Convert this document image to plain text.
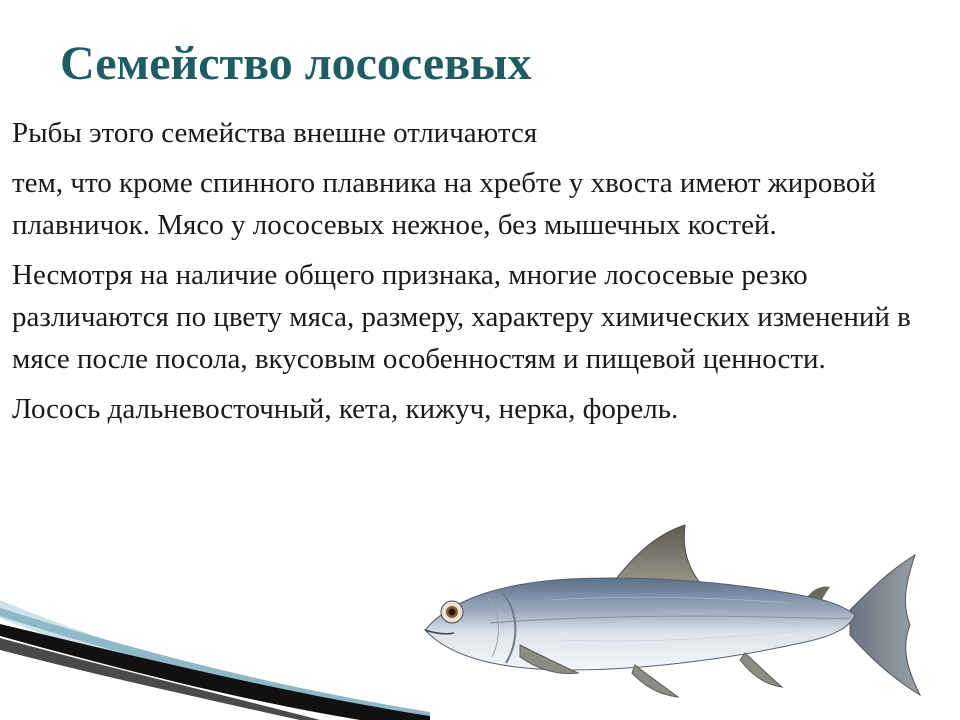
Семейство лососевых

Рыбы этого семейства внешне отличаются

тем, что кроме спинного плавника на хребте у хвоста имеют жировой плавничок. Мясо у лососевых нежное, без мышечных костей.

Несмотря на наличие общего признака, многие лососевые резко различаются по цвету мяса, размеру, характеру химических изменений в мясе после посола, вкусовым особенностям и пищевой ценности.

Лосось дальневосточный, кета, кижуч, нерка, форель.
